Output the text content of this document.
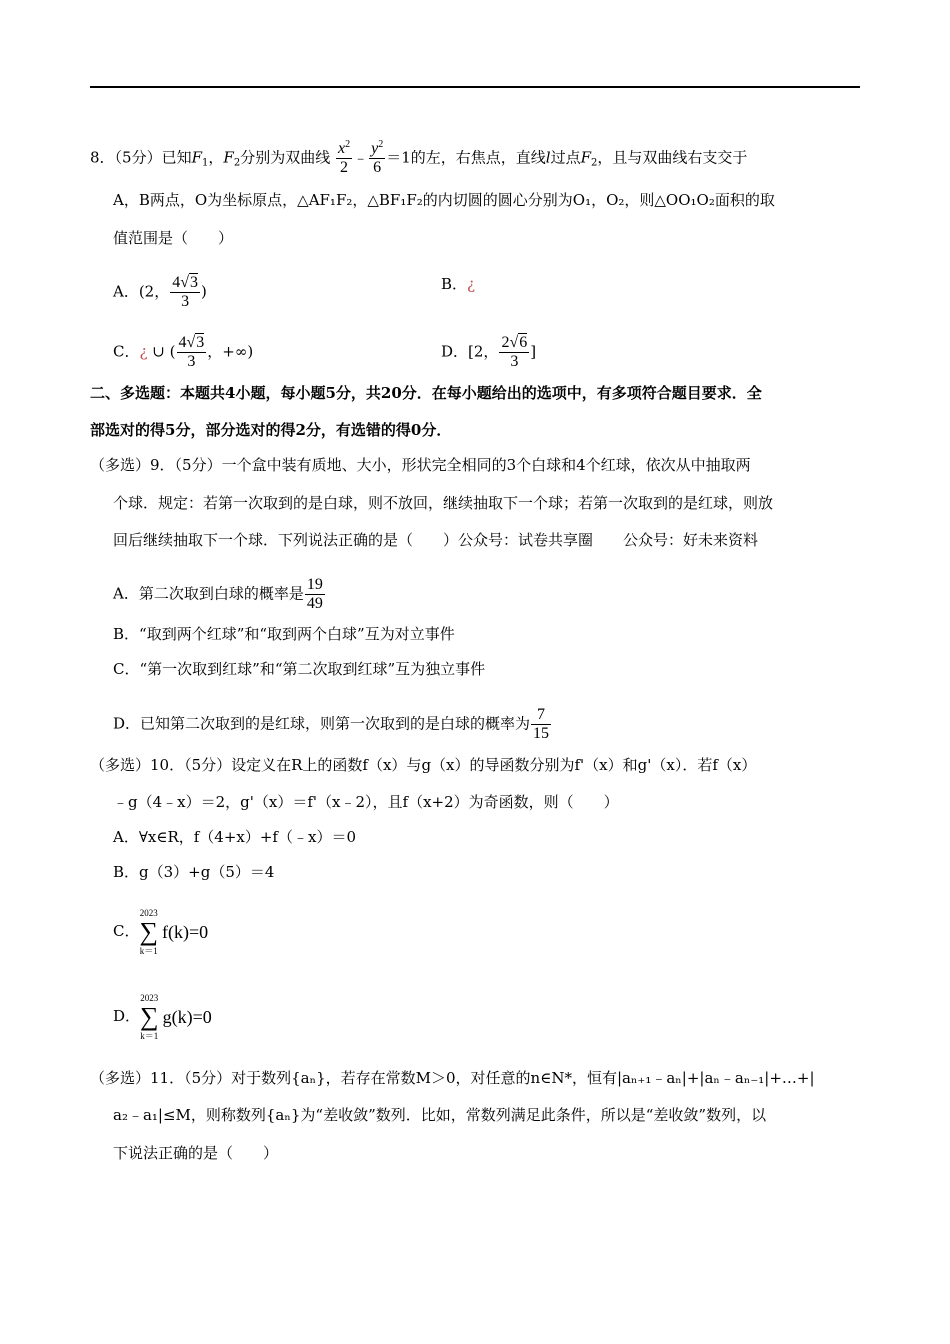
8．（5分）已知$F_1$，$F_2$分别为双曲线 $\frac{x^2}{2}$ ﹣ $\frac{y^2}{6} =1$的左，右焦点，直线l过点$F_2$，且与双曲线右支交于
A，B两点，O为坐标原点，△AF₁F₂，△BF₁F₂的内切圆的圆心分别为O₁，O₂，则△OO₁O₂面积的取
值范围是（　　）
A．(2， $\frac{4√3}{3}$ )	B．¿
C．¿ ∪ ( $\frac{4√3}{3}$ ，+∞)	D．[2， $\frac{2√6}{3}$ ]
二、多选题：本题共4小题，每小题5分，共20分．在每小题给出的选项中，有多项符合题目要求．全
部选对的得5分，部分选对的得2分，有选错的得0分．
（多选）9．（5分）一个盒中装有质地、大小，形状完全相同的3个白球和4个红球，依次从中抽取两
个球．规定：若第一次取到的是白球，则不放回，继续抽取下一个球；若第一次取到的是红球，则放
回后继续抽取下一个球．下列说法正确的是（　　）公众号：试卷共享圈　　公众号：好未来资料
A．第二次取到白球的概率是 $\frac{19}{49}$
B．“取到两个红球”和“取到两个白球”互为对立事件
C．“第一次取到红球”和“第二次取到红球”互为独立事件
D．已知第二次取到的是红球，则第一次取到的是白球的概率为 $\frac{7}{15}$
（多选）10．（5分）设定义在R上的函数f（x）与g（x）的导函数分别为f'（x）和g'（x）．若f（x）
﹣g（4﹣x）＝2，g'（x）＝f'（x﹣2），且f（x+2）为奇函数，则（　　）
A．∀x∈R，f（4+x）+f（﹣x）＝0
B．g（3）+g（5）＝4
C．
2023
∑
k＝1
f(k)=0
D．
2023
∑
k＝1
g(k)=0
（多选）11．（5分）对于数列{aₙ}，若存在常数M＞0，对任意的n∈N*，恒有|aₙ₊₁﹣aₙ|+|aₙ﹣aₙ₋₁|+…+|
a₂﹣a₁|≤M，则称数列{aₙ}为“差收敛”数列．比如，常数列满足此条件，所以是“差收敛”数列，以
下说法正确的是（　　）
